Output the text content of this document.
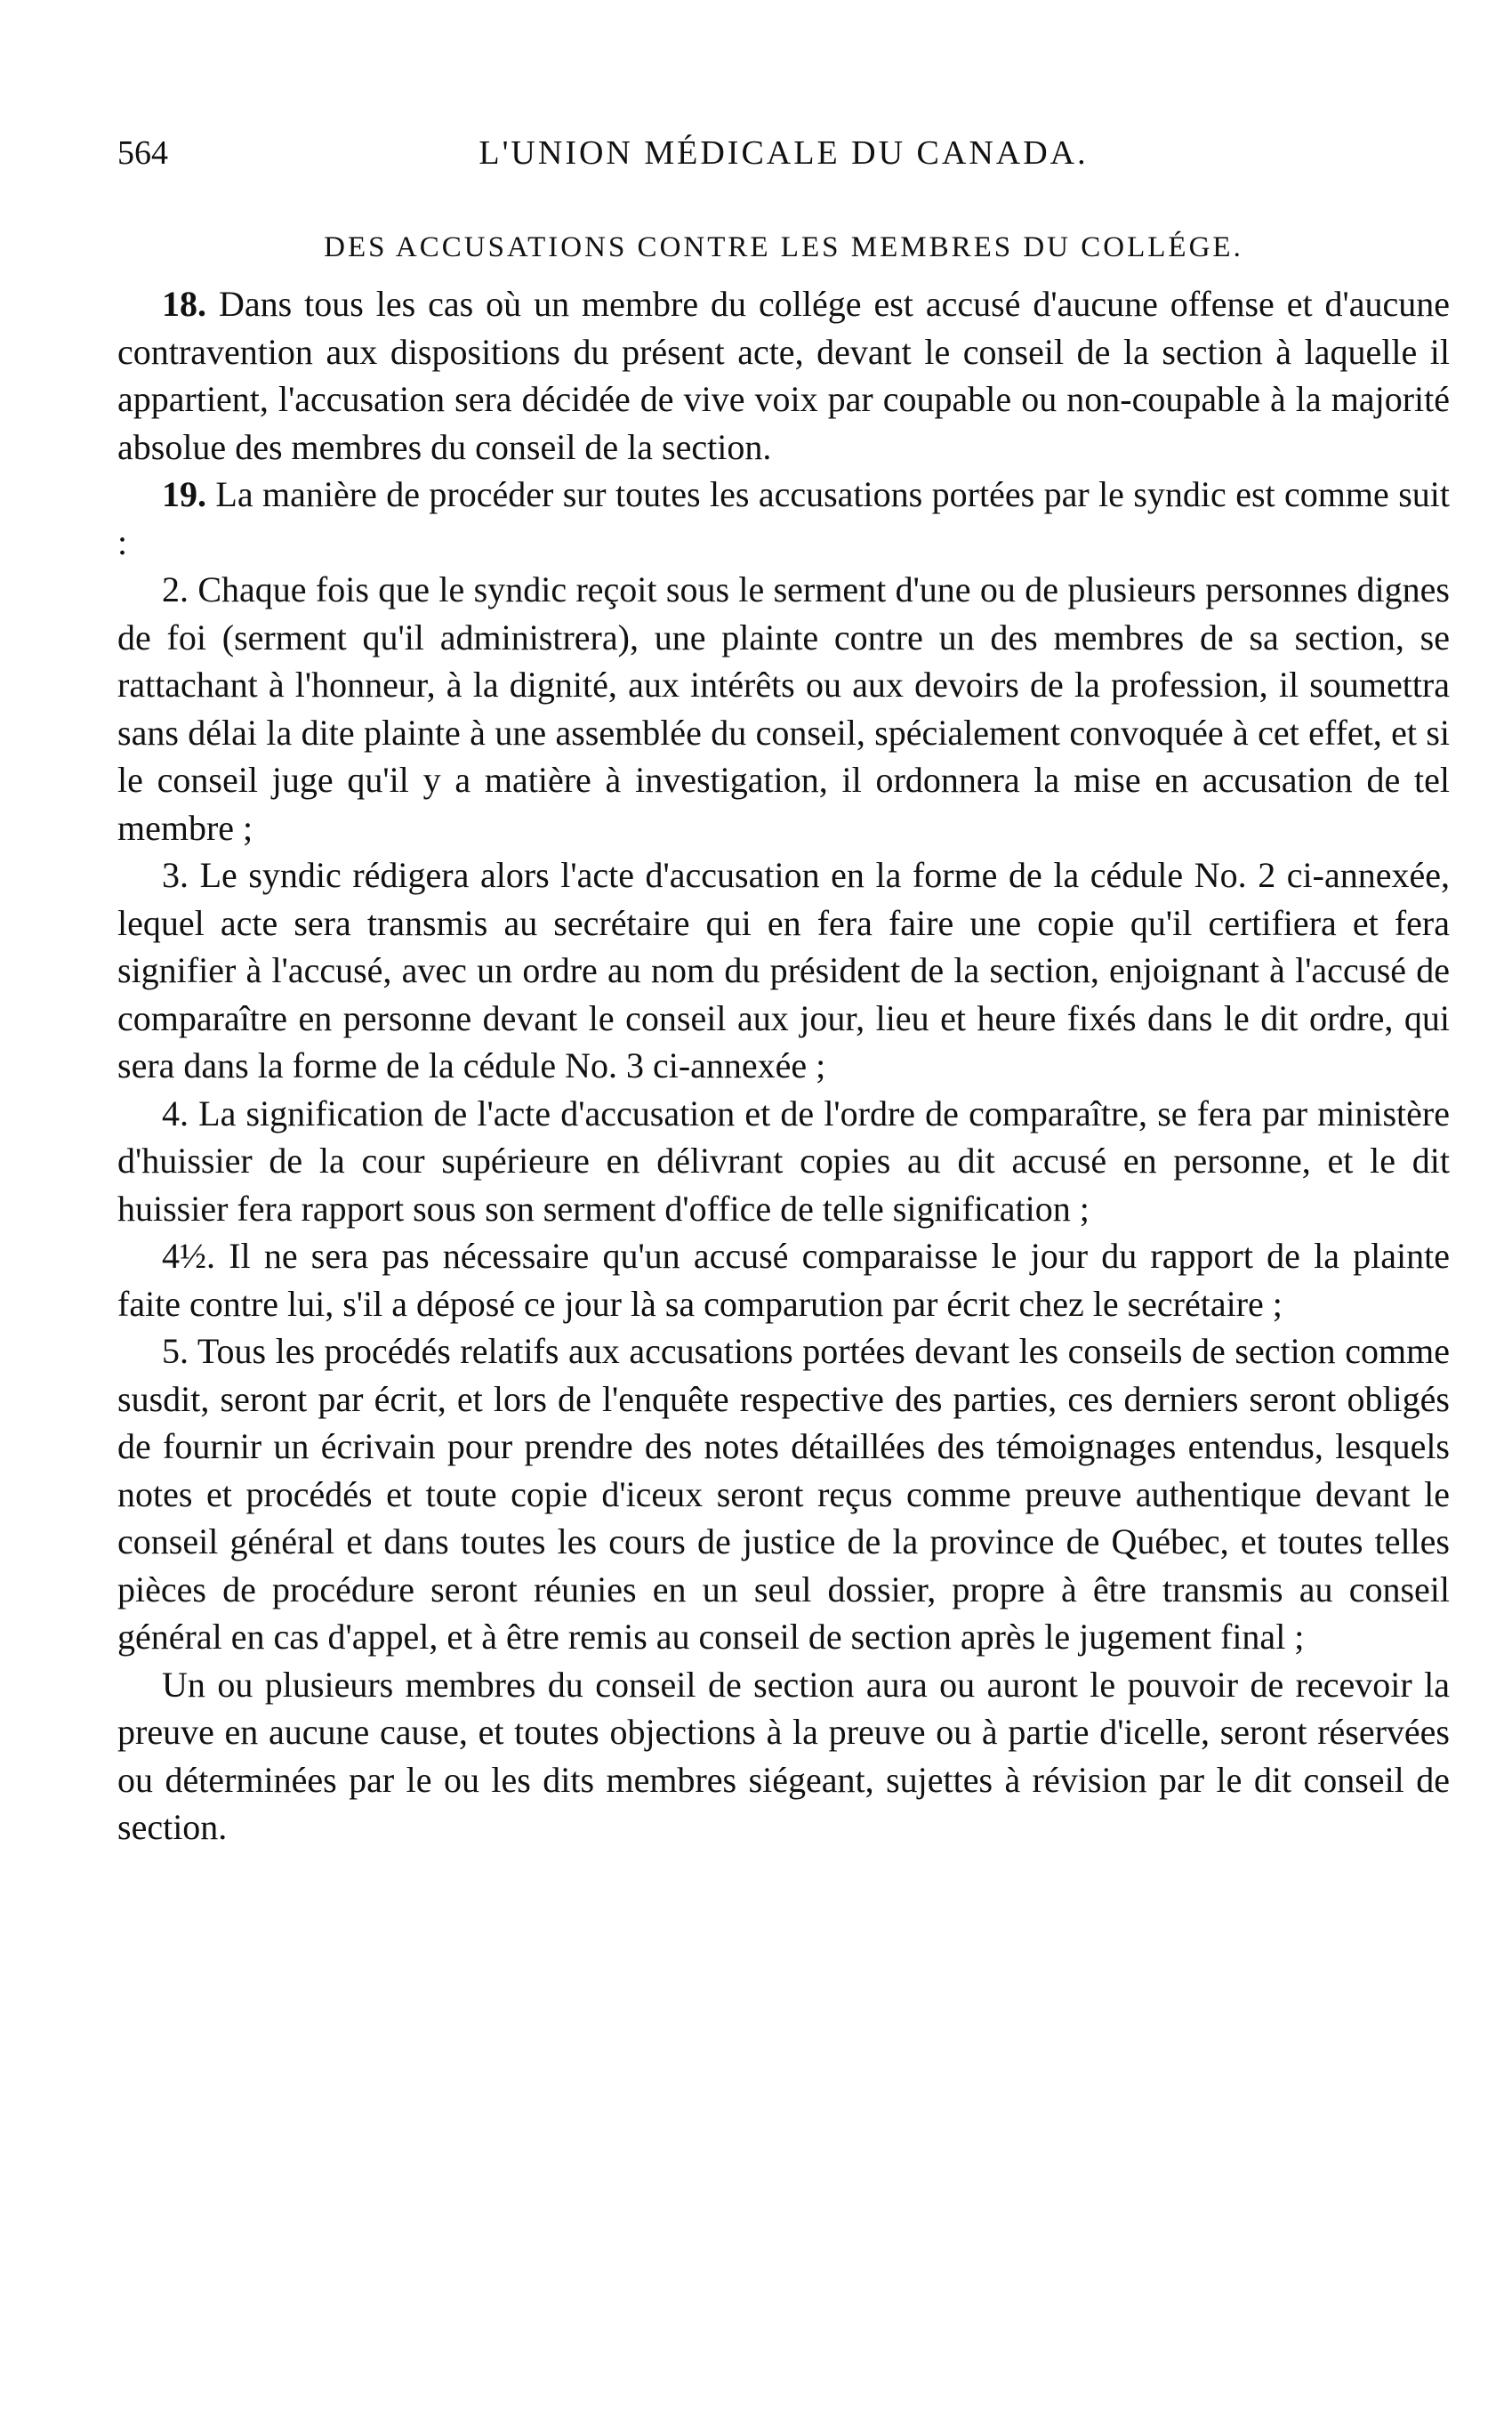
564	L'UNION MÉDICALE DU CANADA.
DES ACCUSATIONS CONTRE LES MEMBRES DU COLLÉGE.

18. Dans tous les cas où un membre du collége est accusé d'aucune offense et d'aucune contravention aux dispositions du présent acte, devant le conseil de la section à laquelle il appartient, l'accusation sera décidée de vive voix par coupable ou non-coupable à la majorité absolue des membres du conseil de la section.

19. La manière de procéder sur toutes les accusations portées par le syndic est comme suit :

2. Chaque fois que le syndic reçoit sous le serment d'une ou de plusieurs personnes dignes de foi (serment qu'il administrera), une plainte contre un des membres de sa section, se rattachant à l'honneur, à la dignité, aux intérêts ou aux devoirs de la profession, il soumettra sans délai la dite plainte à une assemblée du conseil, spécialement convoquée à cet effet, et si le conseil juge qu'il y a matière à investigation, il ordonnera la mise en accusation de tel membre ;

3. Le syndic rédigera alors l'acte d'accusation en la forme de la cédule No. 2 ci-annexée, lequel acte sera transmis au secrétaire qui en fera faire une copie qu'il certifiera et fera signifier à l'accusé, avec un ordre au nom du président de la section, enjoignant à l'accusé de comparaître en personne devant le conseil aux jour, lieu et heure fixés dans le dit ordre, qui sera dans la forme de la cédule No. 3 ci-annexée ;

4. La signification de l'acte d'accusation et de l'ordre de comparaître, se fera par ministère d'huissier de la cour supérieure en délivrant copies au dit accusé en personne, et le dit huissier fera rapport sous son serment d'office de telle signification ;

4½. Il ne sera pas nécessaire qu'un accusé comparaisse le jour du rapport de la plainte faite contre lui, s'il a déposé ce jour là sa comparution par écrit chez le secrétaire ;

5. Tous les procédés relatifs aux accusations portées devant les conseils de section comme susdit, seront par écrit, et lors de l'enquête respective des parties, ces derniers seront obligés de fournir un écrivain pour prendre des notes détaillées des témoignages entendus, lesquels notes et procédés et toute copie d'iceux seront reçus comme preuve authentique devant le conseil général et dans toutes les cours de justice de la province de Québec, et toutes telles pièces de procédure seront réunies en un seul dossier, propre à être transmis au conseil général en cas d'appel, et à être remis au conseil de section après le jugement final ;

Un ou plusieurs membres du conseil de section aura ou auront le pouvoir de recevoir la preuve en aucune cause, et toutes objections à la preuve ou à partie d'icelle, seront réservées ou déterminées par le ou les dits membres siégeant, sujettes à révision par le dit conseil de section.
